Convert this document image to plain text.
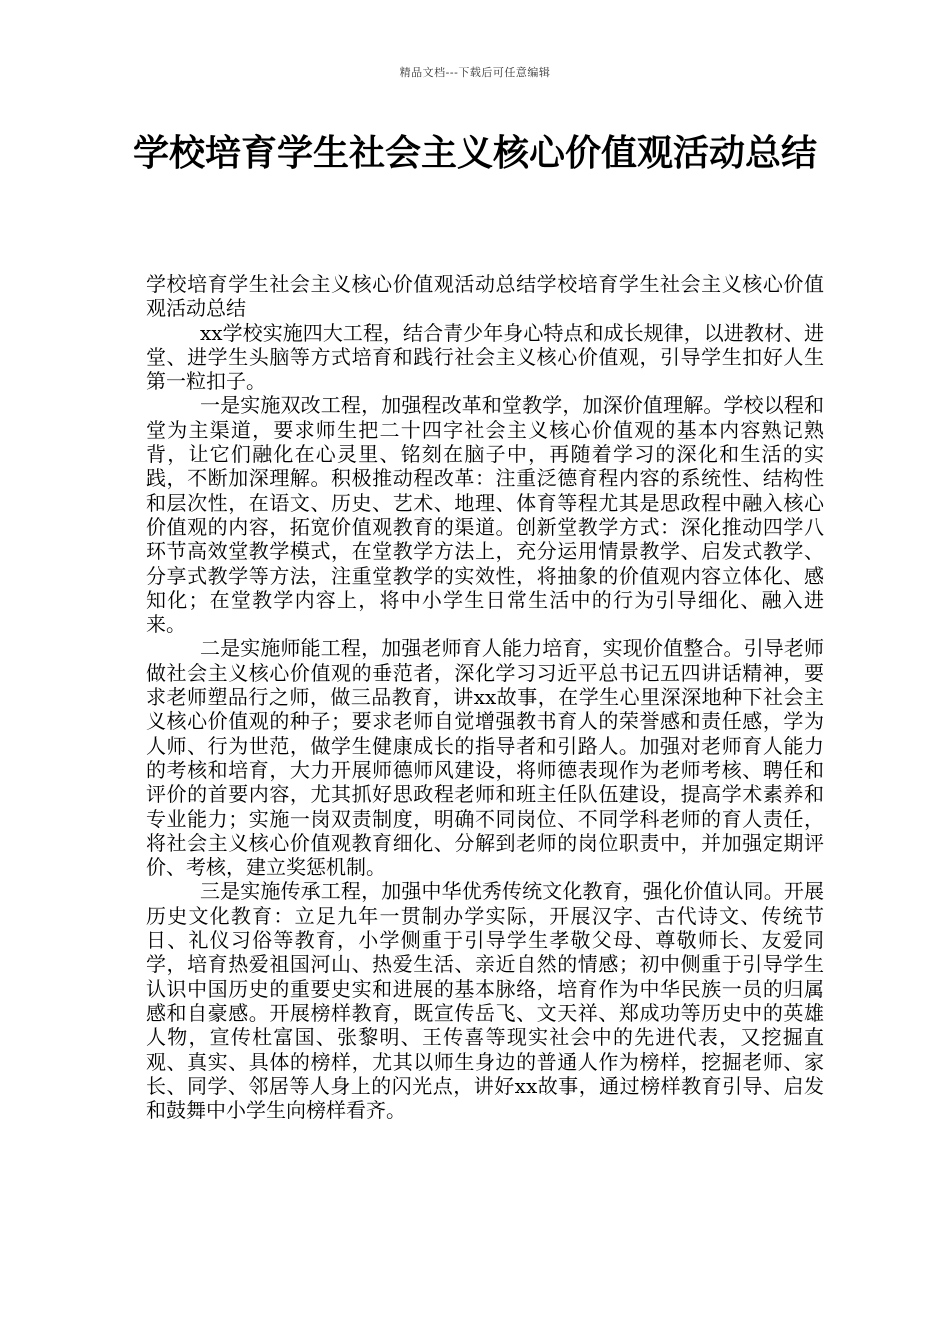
精品文档---下载后可任意编辑
学校培育学生社会主义核心价值观活动总结

学校培育学生社会主义核心价值观活动总结学校培育学生社会主义核心价值观活动总结

xx学校实施四大工程，结合青少年身心特点和成长规律，以进教材、进堂、进学生头脑等方式培育和践行社会主义核心价值观，引导学生扣好人生第一粒扣子。

一是实施双改工程，加强程改革和堂教学，加深价值理解。学校以程和堂为主渠道，要求师生把二十四字社会主义核心价值观的基本内容熟记熟背，让它们融化在心灵里、铭刻在脑子中，再随着学习的深化和生活的实践，不断加深理解。积极推动程改革：注重泛德育程内容的系统性、结构性和层次性，在语文、历史、艺术、地理、体育等程尤其是思政程中融入核心价值观的内容，拓宽价值观教育的渠道。创新堂教学方式：深化推动四学八环节高效堂教学模式，在堂教学方法上，充分运用情景教学、启发式教学、分享式教学等方法，注重堂教学的实效性，将抽象的价值观内容立体化、感知化；在堂教学内容上，将中小学生日常生活中的行为引导细化、融入进来。

二是实施师能工程，加强老师育人能力培育，实现价值整合。引导老师做社会主义核心价值观的垂范者，深化学习习近平总书记五四讲话精神，要求老师塑品行之师，做三品教育，讲xx故事，在学生心里深深地种下社会主义核心价值观的种子；要求老师自觉增强教书育人的荣誉感和责任感，学为人师、行为世范，做学生健康成长的指导者和引路人。加强对老师育人能力的考核和培育，大力开展师德师风建设，将师德表现作为老师考核、聘任和评价的首要内容，尤其抓好思政程老师和班主任队伍建设，提高学术素养和专业能力；实施一岗双责制度，明确不同岗位、不同学科老师的育人责任，将社会主义核心价值观教育细化、分解到老师的岗位职责中，并加强定期评价、考核，建立奖惩机制。

三是实施传承工程，加强中华优秀传统文化教育，强化价值认同。开展历史文化教育：立足九年一贯制办学实际，开展汉字、古代诗文、传统节日、礼仪习俗等教育，小学侧重于引导学生孝敬父母、尊敬师长、友爱同学，培育热爱祖国河山、热爱生活、亲近自然的情感；初中侧重于引导学生认识中国历史的重要史实和进展的基本脉络，培育作为中华民族一员的归属感和自豪感。开展榜样教育，既宣传岳飞、文天祥、郑成功等历史中的英雄人物，宣传杜富国、张黎明、王传喜等现实社会中的先进代表，又挖掘直观、真实、具体的榜样，尤其以师生身边的普通人作为榜样，挖掘老师、家长、同学、邻居等人身上的闪光点，讲好xx故事，通过榜样教育引导、启发和鼓舞中小学生向榜样看齐。
